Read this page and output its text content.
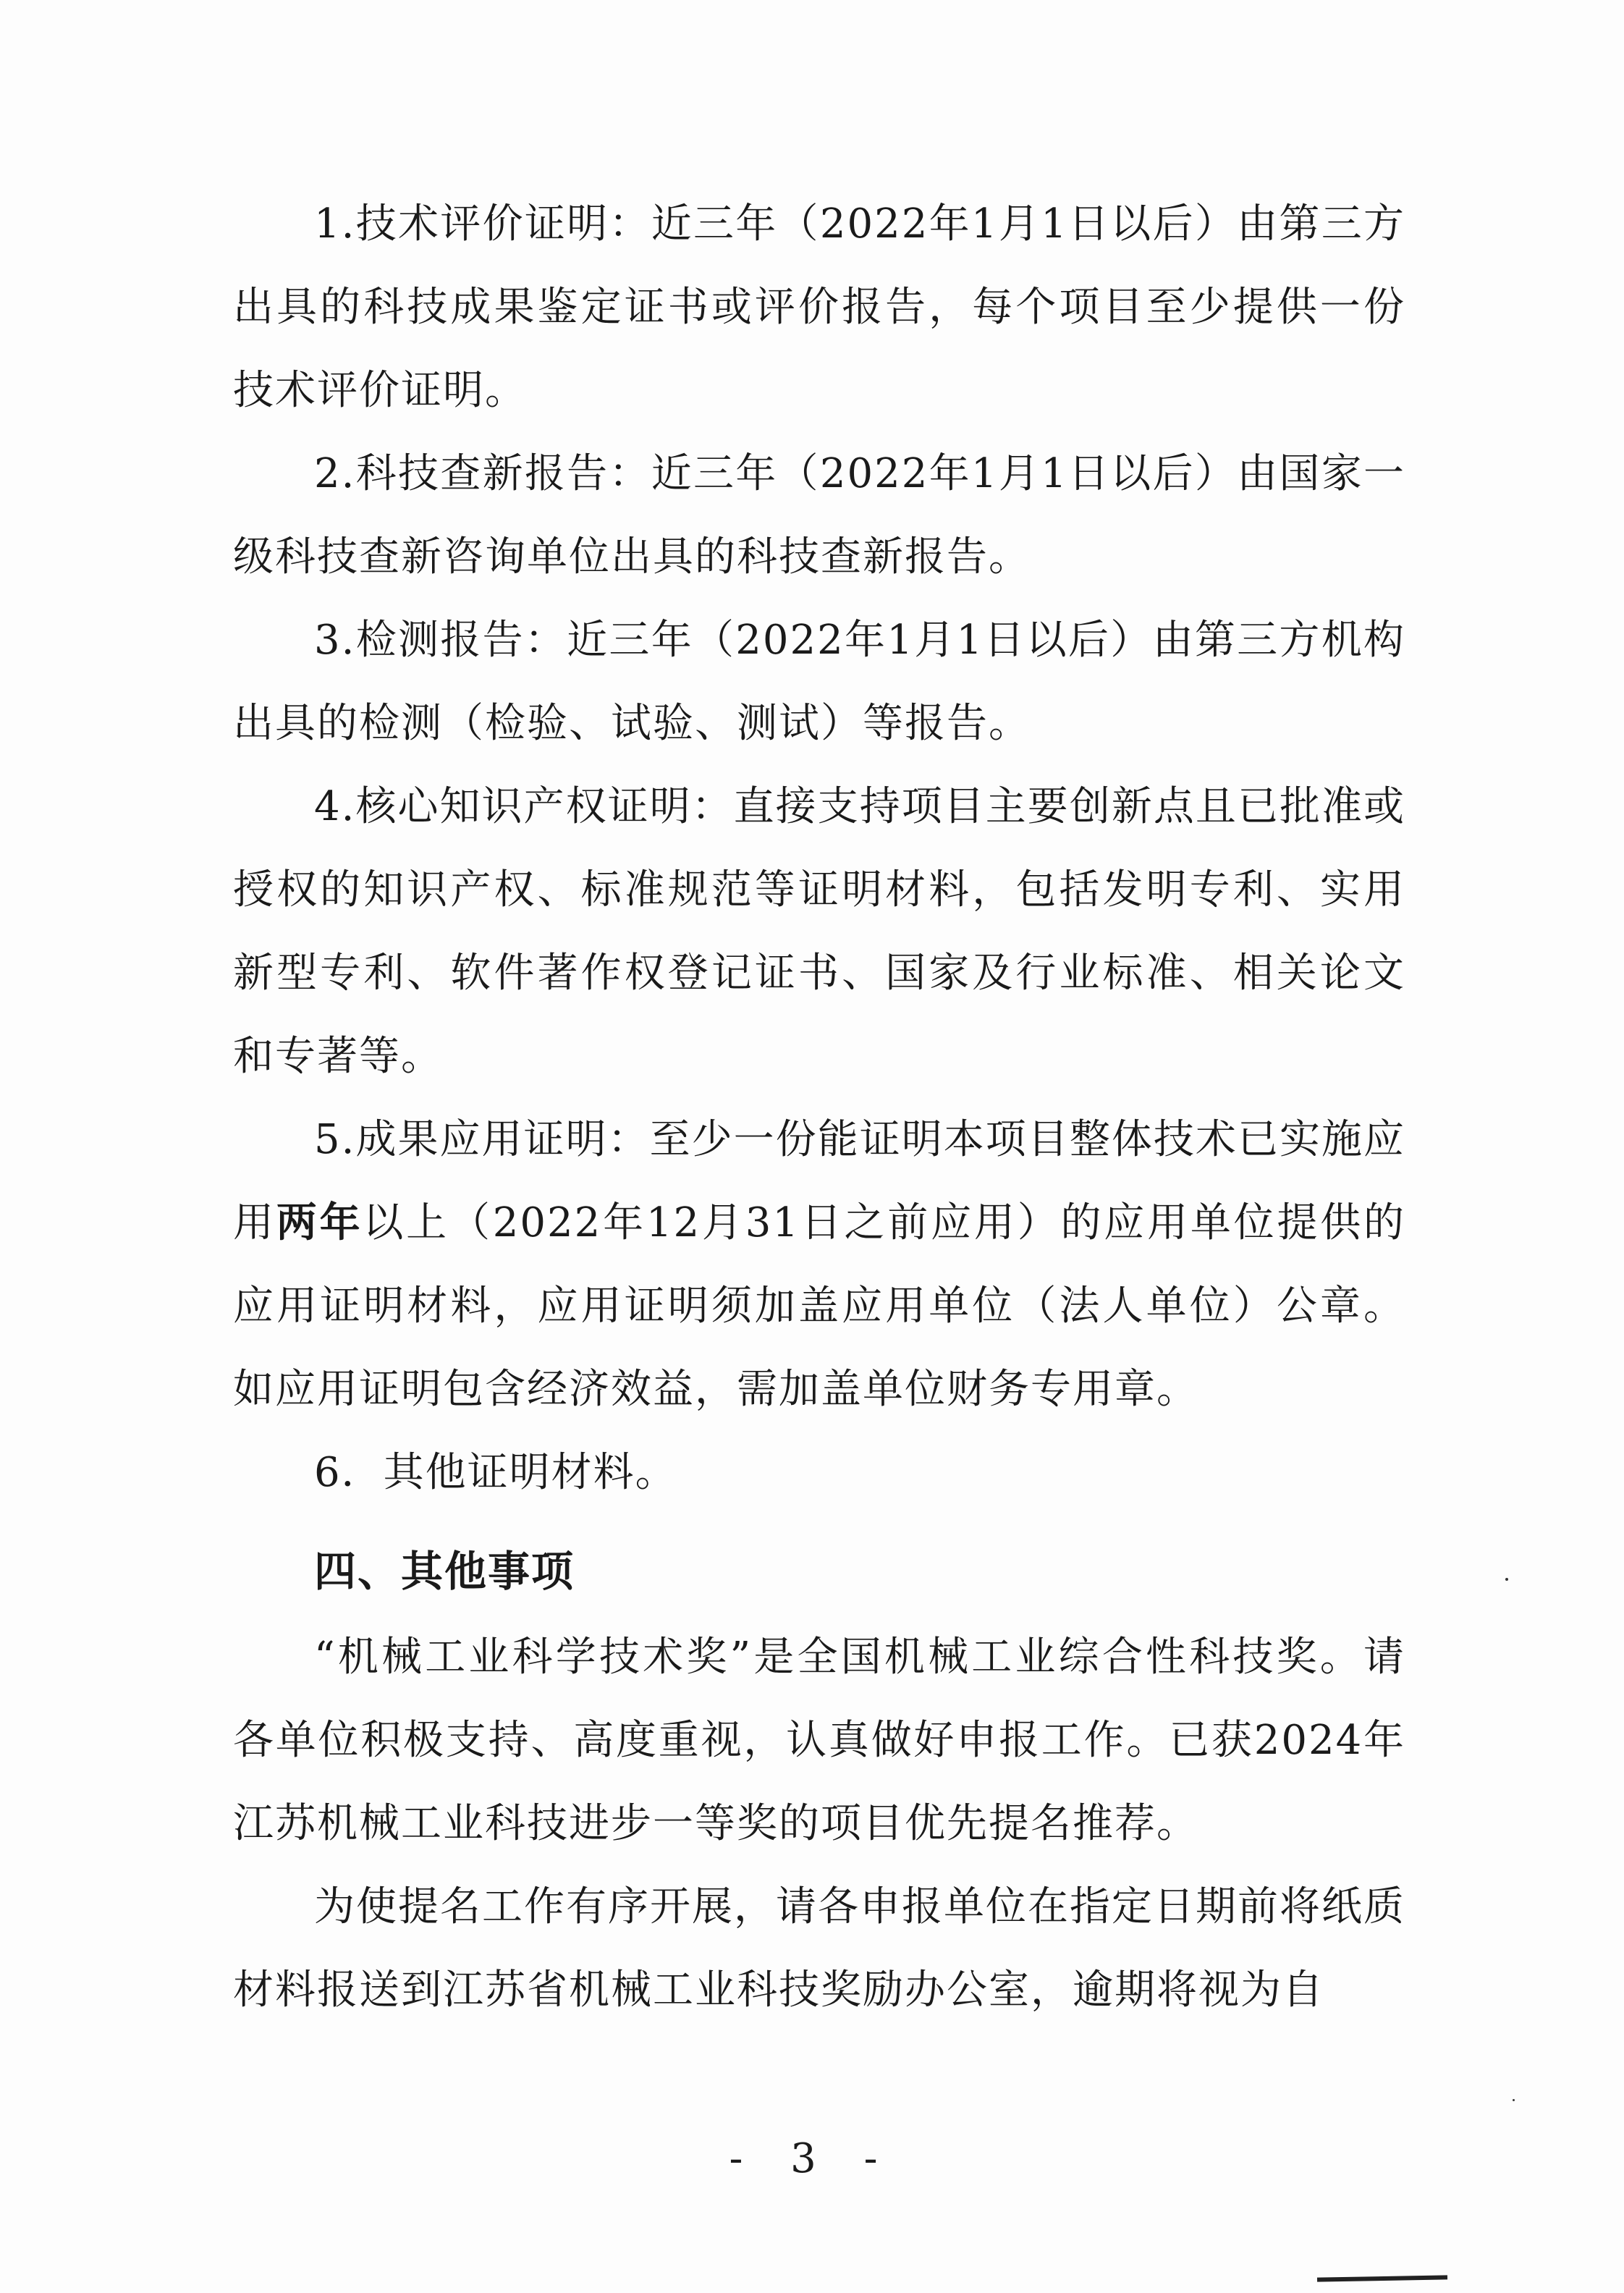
1.技术评价证明：近三年（2022年1月1日以后）由第三方出具的科技成果鉴定证书或评价报告，每个项目至少提供一份技术评价证明。

2.科技查新报告：近三年（2022年1月1日以后）由国家一级科技查新咨询单位出具的科技查新报告。

3.检测报告：近三年（2022年1月1日以后）由第三方机构出具的检测（检验、试验、测试）等报告。

4.核心知识产权证明：直接支持项目主要创新点且已批准或授权的知识产权、标准规范等证明材料，包括发明专利、实用新型专利、软件著作权登记证书、国家及行业标准、相关论文和专著等。

5.成果应用证明：至少一份能证明本项目整体技术已实施应用两年以上（2022年12月31日之前应用）的应用单位提供的应用证明材料，应用证明须加盖应用单位（法人单位）公章。如应用证明包含经济效益，需加盖单位财务专用章。

6．其他证明材料。

四、其他事项

“机械工业科学技术奖”是全国机械工业综合性科技奖。请各单位积极支持、高度重视，认真做好申报工作。已获2024年江苏机械工业科技进步一等奖的项目优先提名推荐。

为使提名工作有序开展，请各申报单位在指定日期前将纸质材料报送到江苏省机械工业科技奖励办公室，逾期将视为自

- 3 -
